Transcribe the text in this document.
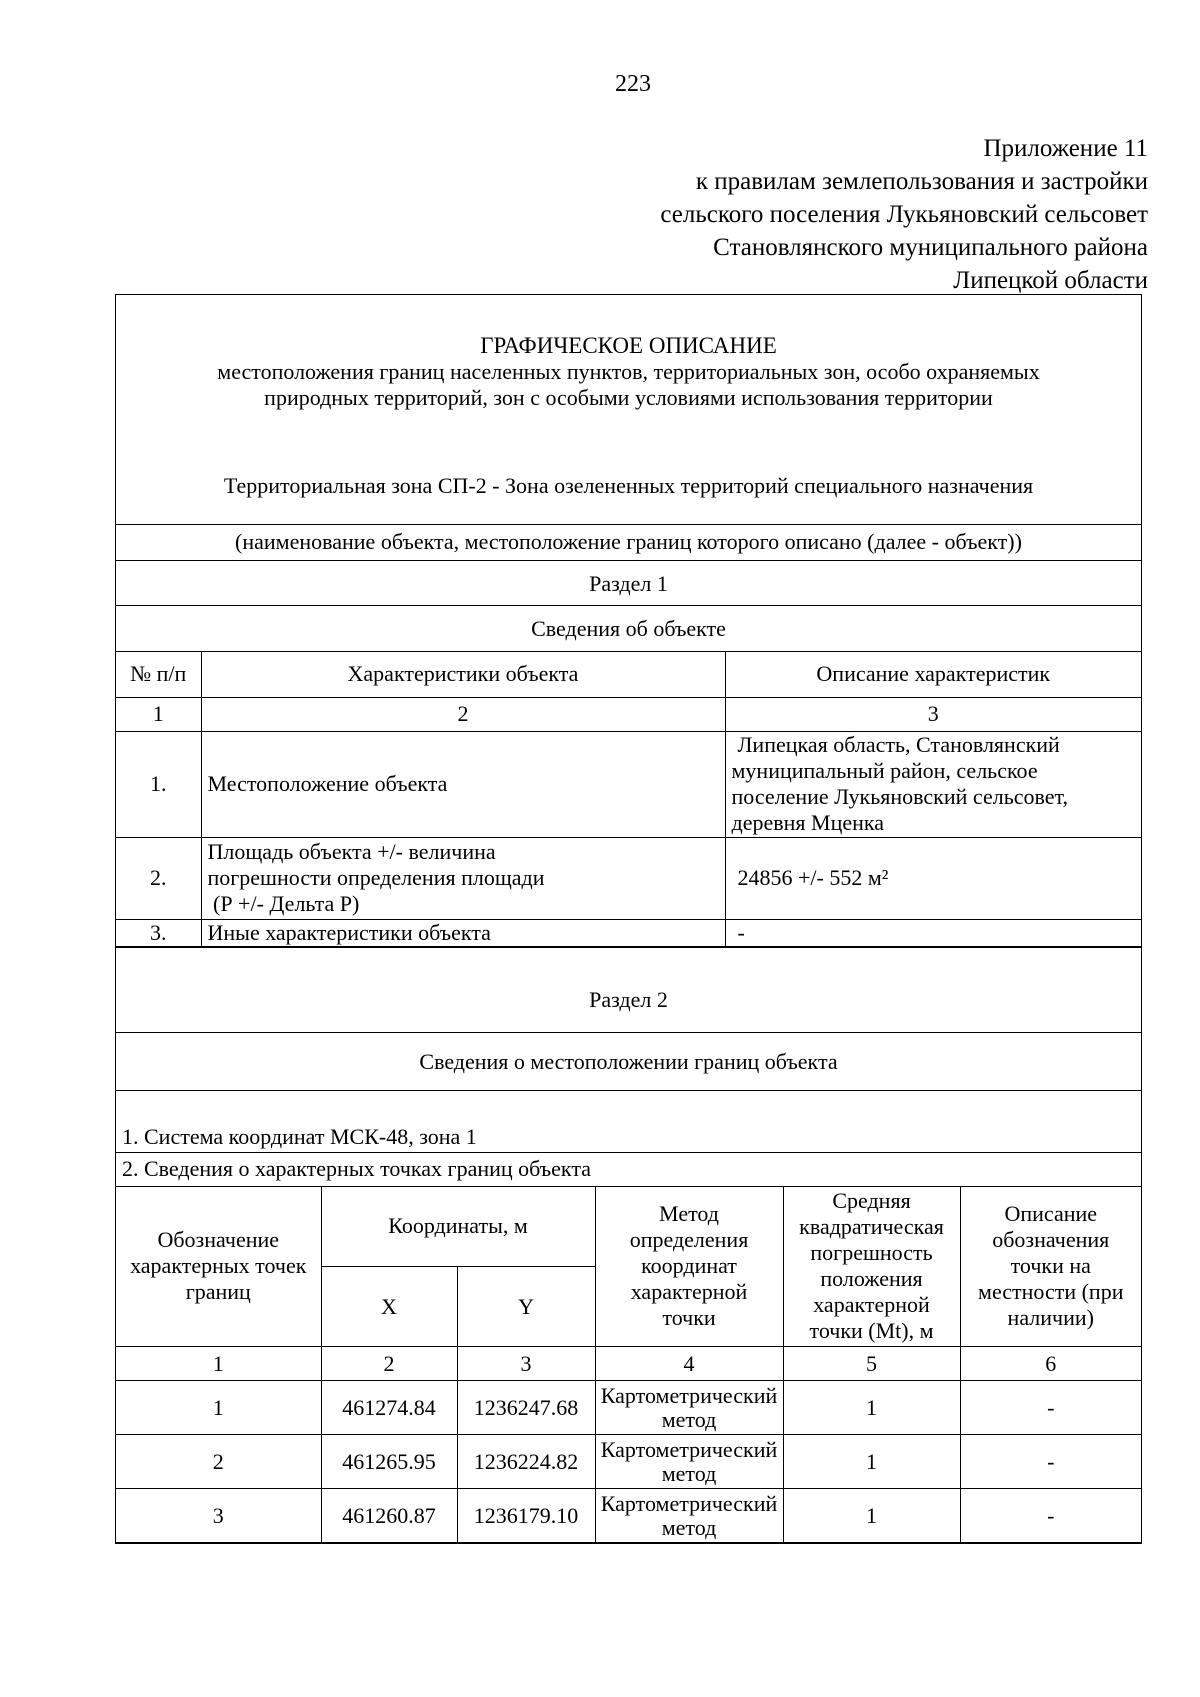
223
Приложение 11
к правилам землепользования и застройки
сельского поселения Лукьяновский сельсовет
Становлянского муниципального района
Липецкой области
ГРАФИЧЕСКОЕ ОПИСАНИЕ
местоположения границ населенных пунктов, территориальных зон, особо охраняемых
природных территорий, зон с особыми условиями использования территории
Территориальная зона СП-2 - Зона озелененных территорий специального назначения
(наименование объекта, местоположение границ которого описано (далее - объект))
Раздел 1
Сведения об объекте
№ п/п	Характеристики объекта	Описание характеристик
1	2	3
1.	Местоположение объекта	Липецкая область, Становлянский
муниципальный район, сельское
поселение Лукьяновский сельсовет,
деревня Мценка

2.	Площадь объекта +/- величина
погрешности определения площади
(Р +/- Дельта Р)	24856 +/- 552 м²
3.	Иные характеристики объекта	-
Раздел 2
Сведения о местоположении границ объекта
1. Система координат МСК-48, зона 1
2. Сведения о характерных точках границ объекта
Обозначение характерных точек границ	Координаты, м		Метод определения координат характерной точки	Средняя квадратическая погрешность положения характерной точки (Мt), м	Описание обозначения точки на местности (при наличии)
	X	Y			
1	2	3	4	5	6
1	461274.84	1236247.68	Картометрический метод	1	-
2	461265.95	1236224.82	Картометрический метод	1	-
3	461260.87	1236179.10	Картометрический метод	1	-
